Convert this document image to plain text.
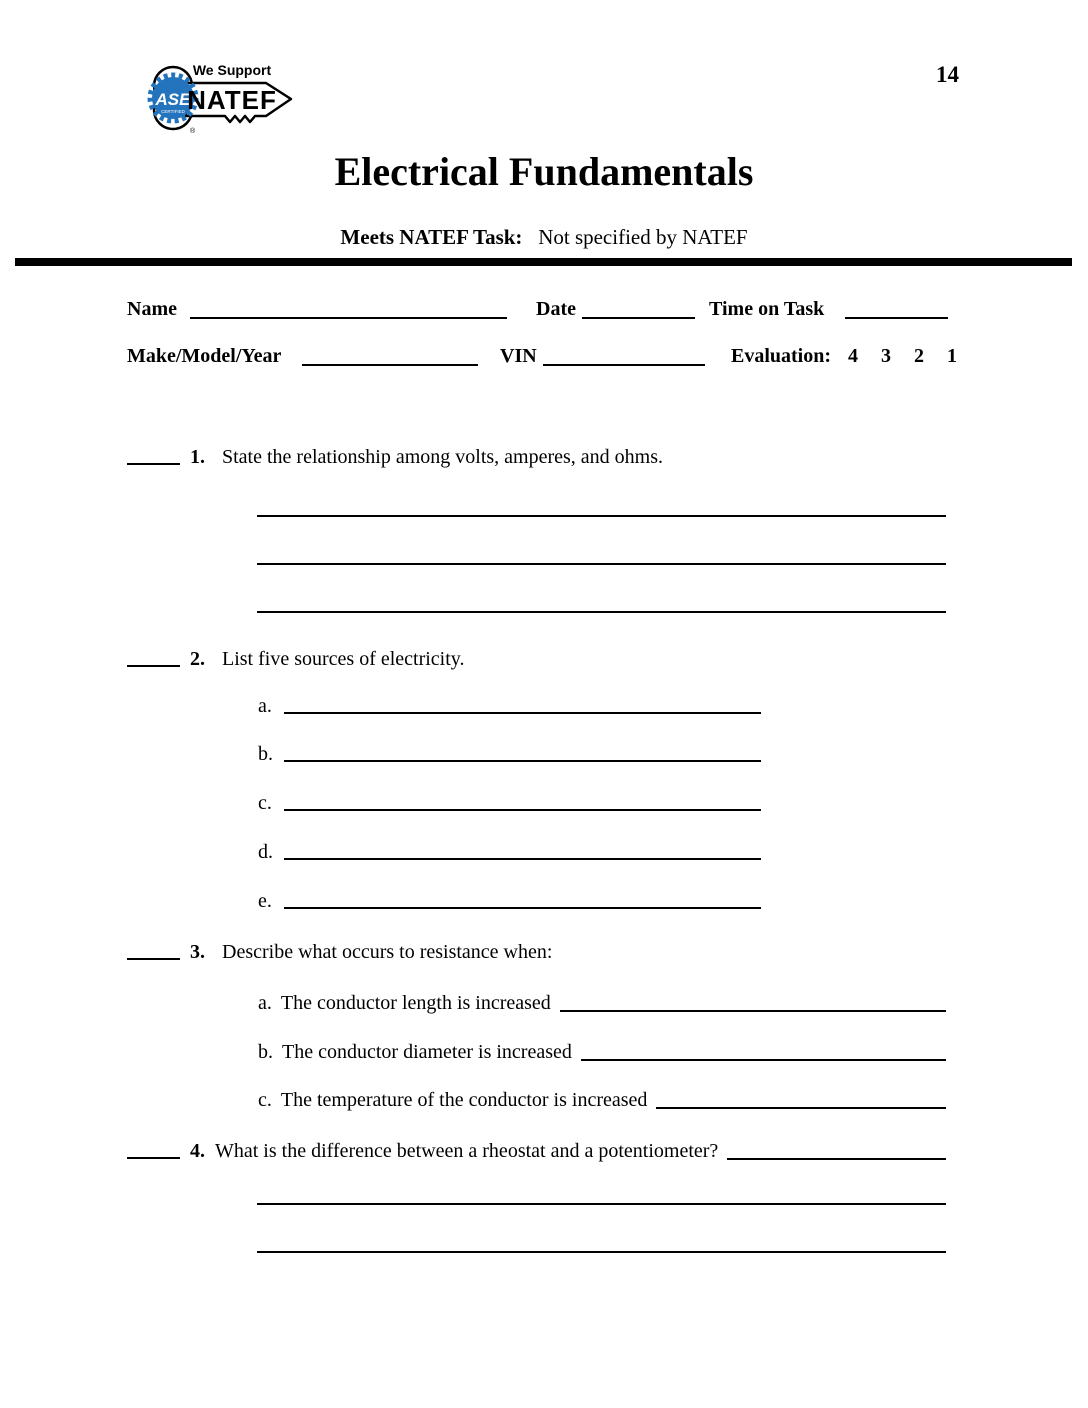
ASE
CERTIFIED
®
We Support
NATEF
14
Electrical Fundamentals
Meets NATEF Task: Not specified by NATEF
Name	Date	Time on Task
Make/Model/Year	VIN	Evaluation: 4 3 2 1
1. State the relationship among volts, amperes, and ohms.
2. List five sources of electricity.
a.
b.
c.
d.
e.
3. Describe what occurs to resistance when:
a. The conductor length is increased
b. The conductor diameter is increased
c. The temperature of the conductor is increased
4. What is the difference between a rheostat and a potentiometer?
